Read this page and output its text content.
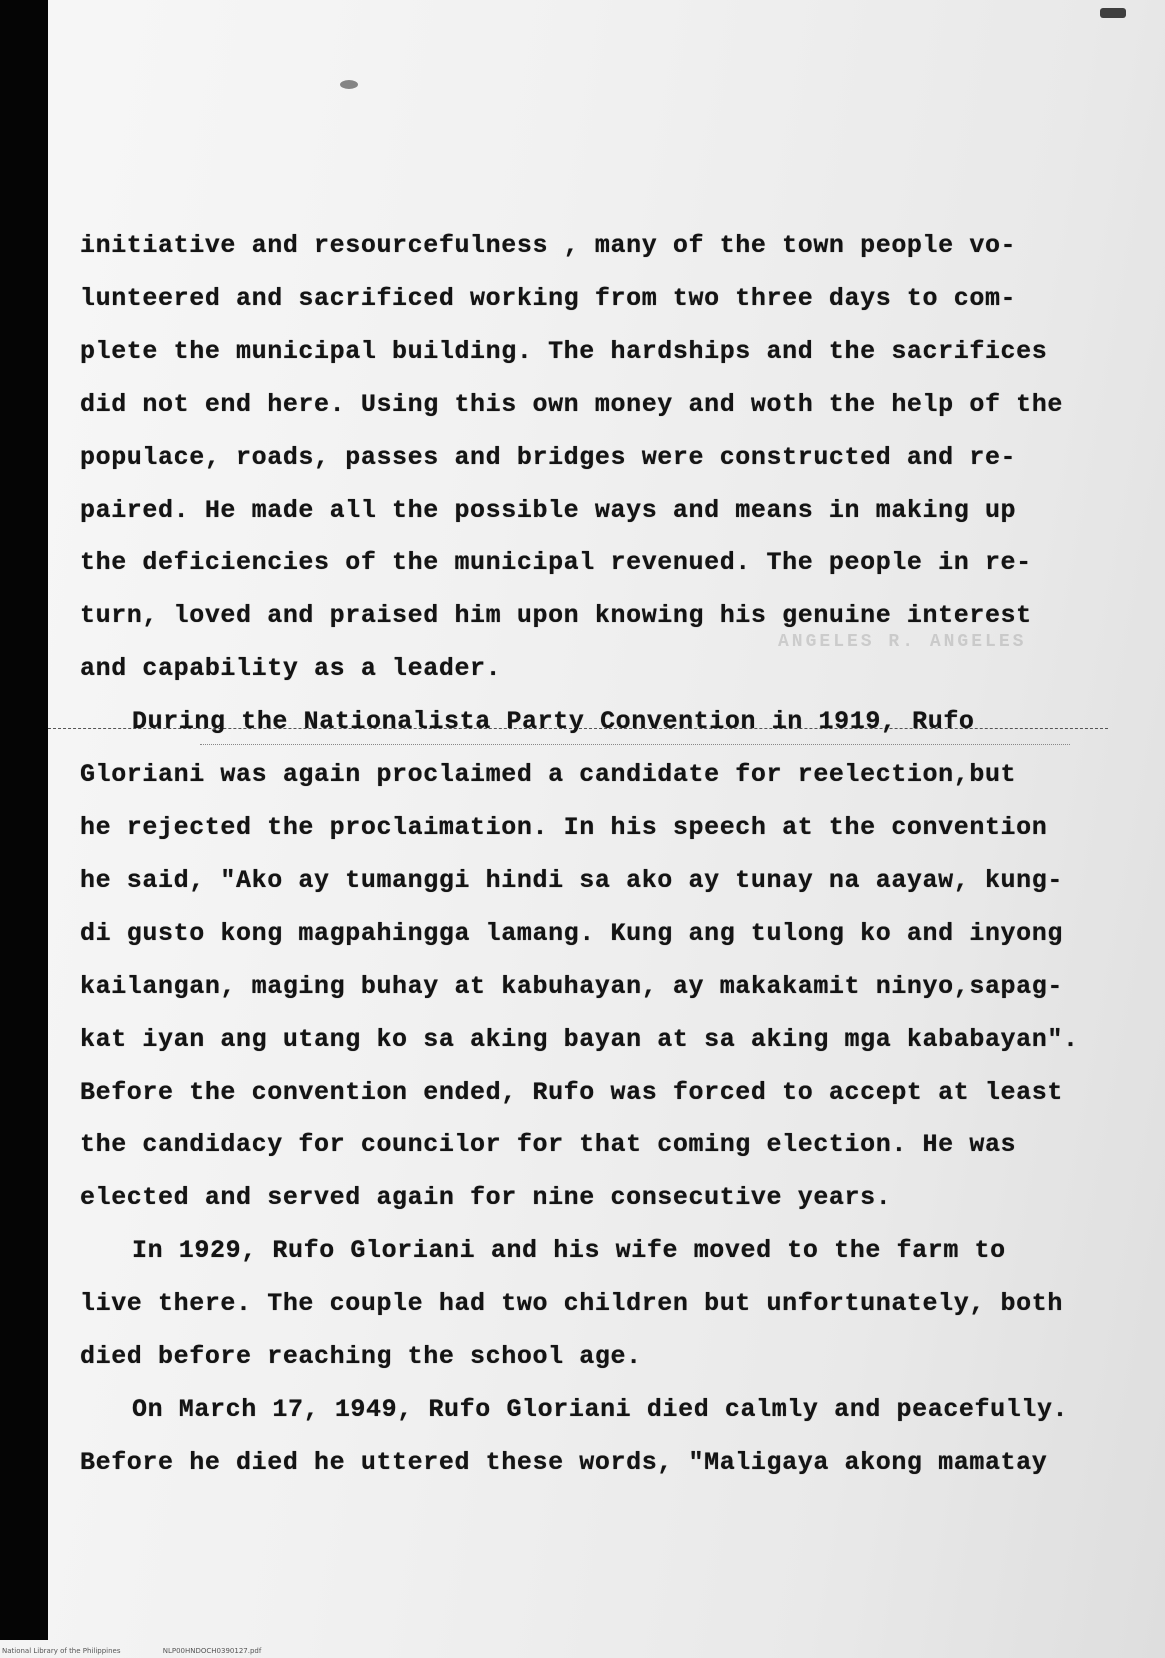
ANGELES R. ANGELES

initiative and resourcefulness , many of the town people vo-

lunteered and sacrificed working from two three days to com-

plete the municipal building. The hardships and the sacrifices

did not end here. Using this own money and woth the help of the

populace, roads, passes and bridges were constructed and re-

paired. He made all the possible ways and means in making up

the deficiencies of the municipal revenued. The people in re-

turn, loved and praised him upon knowing his genuine interest

and capability as a leader.

During the Nationalista Party Convention in 1919, Rufo

Gloriani was again proclaimed a candidate for reelection,but

he rejected the proclaimation. In his speech at the convention

he said, "Ako ay tumanggi hindi sa ako ay tunay na aayaw, kung-

di gusto kong magpahingga lamang. Kung ang tulong ko and inyong

kailangan, maging buhay at kabuhayan, ay makakamit ninyo,sapag-

kat iyan ang utang ko sa aking bayan at sa aking mga kababayan".

Before the convention ended, Rufo was forced to accept at least

the candidacy for councilor for that coming election. He was

elected and served again for nine consecutive years.

In 1929, Rufo Gloriani and his wife moved to the farm to

live there. The couple had two children but unfortunately, both

died before reaching the school age.

On March 17, 1949, Rufo Gloriani died calmly and peacefully.

Before he died he uttered these words, "Maligaya akong mamatay

National Library of the Philippines	NLP00HNDOCH0390127.pdf
